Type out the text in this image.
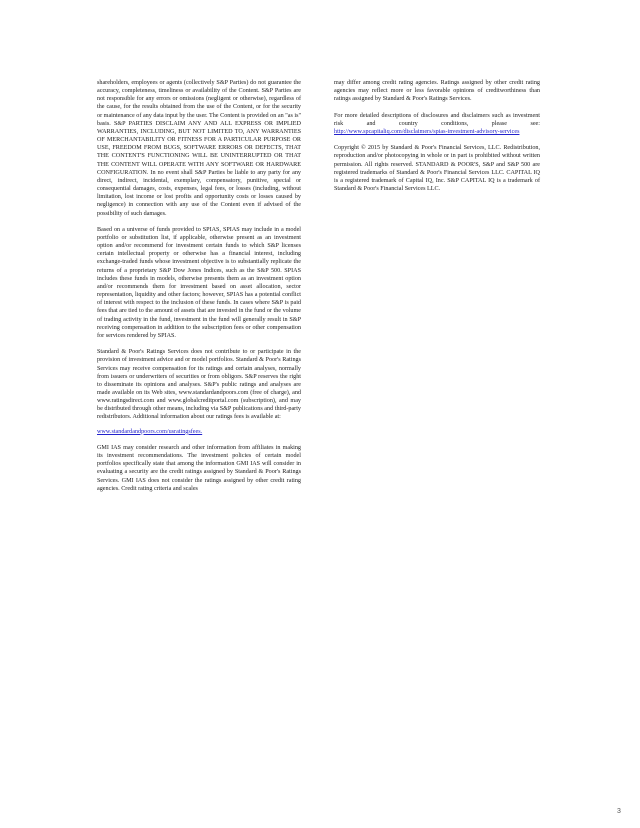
shareholders, employees or agents (collectively S&P Parties) do not guarantee the accuracy, completeness, timeliness or availability of the Content. S&P Parties are not responsible for any errors or omissions (negligent or otherwise), regardless of the cause, for the results obtained from the use of the Content, or for the security or maintenance of any data input by the user. The Content is provided on an "as is" basis. S&P PARTIES DISCLAIM ANY AND ALL EXPRESS OR IMPLIED WARRANTIES, INCLUDING, BUT NOT LIMITED TO, ANY WARRANTIES OF MERCHANTABILITY OR FITNESS FOR A PARTICULAR PURPOSE OR USE, FREEDOM FROM BUGS, SOFTWARE ERRORS OR DEFECTS, THAT THE CONTENT'S FUNCTIONING WILL BE UNINTERRUPTED OR THAT THE CONTENT WILL OPERATE WITH ANY SOFTWARE OR HARDWARE CONFIGURATION. In no event shall S&P Parties be liable to any party for any direct, indirect, incidental, exemplary, compensatory, punitive, special or consequential damages, costs, expenses, legal fees, or losses (including, without limitation, lost income or lost profits and opportunity costs or losses caused by negligence) in connection with any use of the Content even if advised of the possibility of such damages.

Based on a universe of funds provided to SPIAS, SPIAS may include in a model portfolio or substitution list, if applicable, otherwise present as an investment option and/or recommend for investment certain funds to which S&P licenses certain intellectual property or otherwise has a financial interest, including exchange-traded funds whose investment objective is to substantially replicate the returns of a proprietary S&P Dow Jones Indices, such as the S&P 500. SPIAS includes these funds in models, otherwise presents them as an investment option and/or recommends them for investment based on asset allocation, sector representation, liquidity and other factors; however, SPIAS has a potential conflict of interest with respect to the inclusion of these funds. In cases where S&P is paid fees that are tied to the amount of assets that are invested in the fund or the volume of trading activity in the fund, investment in the fund will generally result in S&P receiving compensation in addition to the subscription fees or other compensation for services rendered by SPIAS.

Standard & Poor's Ratings Services does not contribute to or participate in the provision of investment advice and or model portfolios. Standard & Poor's Ratings Services may receive compensation for its ratings and certain analyses, normally from issuers or underwriters of securities or from obligors. S&P reserves the right to disseminate its opinions and analyses. S&P's public ratings and analyses are made available on its Web sites, www.standardandpoors.com (free of charge), and www.ratingsdirect.com and www.globalcreditportal.com (subscription), and may be distributed through other means, including via S&P publications and third-party redistributors. Additional information about our ratings fees is available at:

www.standardandpoors.com/usratingsfees.

GMI IAS may consider research and other information from affiliates in making its investment recommendations. The investment policies of certain model portfolios specifically state that among the information GMI IAS will consider in evaluating a security are the credit ratings assigned by Standard & Poor's Ratings Services. GMI IAS does not consider the ratings assigned by other credit rating agencies. Credit rating criteria and scales

may differ among credit rating agencies. Ratings assigned by other credit rating agencies may reflect more or less favorable opinions of creditworthiness than ratings assigned by Standard & Poor's Ratings Services.

For more detailed descriptions of disclosures and disclaimers such as investment risk and country conditions, please see: http://www.spcapitaliq.com/disclaimers/spias-investment-advisory-services

Copyright © 2015 by Standard & Poor's Financial Services, LLC. Redistribution, reproduction and/or photocopying in whole or in part is prohibited without written permission. All rights reserved. STANDARD & POOR'S, S&P and S&P 500 are registered trademarks of Standard & Poor's Financial Services LLC. CAPITAL IQ is a registered trademark of Capital IQ, Inc. S&P CAPITAL IQ is a trademark of Standard & Poor's Financial Services LLC.

3
